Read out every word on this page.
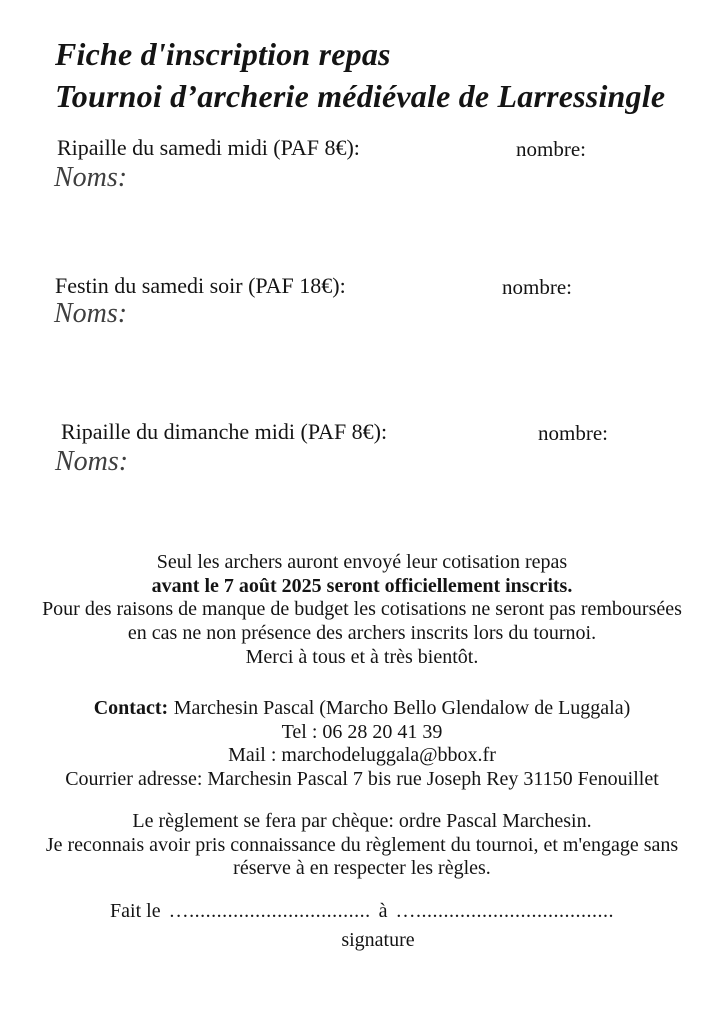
Fiche d'inscription repas
Tournoi d’archerie médiévale de Larressingle
Ripaille du samedi midi (PAF 8€):	nombre:
Noms:
Festin du samedi soir (PAF 18€):	nombre:
Noms:
Ripaille du dimanche midi (PAF 8€):	nombre:
Noms:
Seul les archers auront envoyé leur cotisation repas
avant le 7 août 2025 seront officiellement inscrits.
Pour des raisons de manque de budget les cotisations ne seront pas remboursées
en cas ne non présence des archers inscrits lors du tournoi.
Merci à tous et à très bientôt.
Contact: Marchesin Pascal (Marcho Bello Glendalow de Luggala)
Tel : 06 28 20 41 39
Mail : marchodeluggala@bbox.fr
Courrier adresse: Marchesin Pascal 7 bis rue Joseph Rey 31150 Fenouillet
Le règlement se fera par chèque: ordre Pascal Marchesin.
Je reconnais avoir pris connaissance du règlement du tournoi, et m'engage sans
réserve à en respecter les règles.
Fait le …................................. à …....................................
signature
